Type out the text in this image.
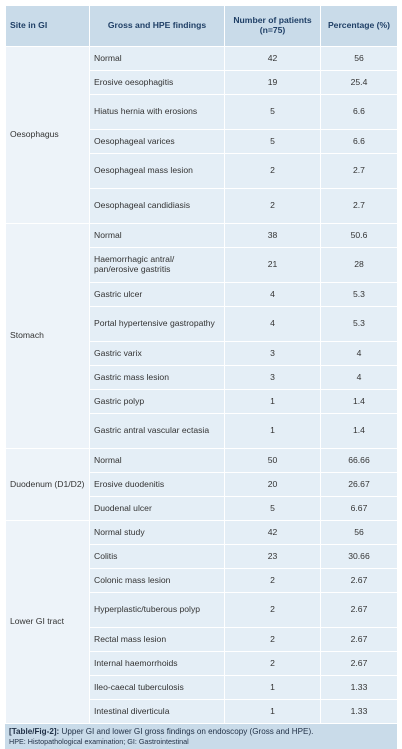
Site in GI	Gross and HPE findings	Number of patients (n=75)	Percentage (%)
Oesophagus	Normal	42	56
	Erosive oesophagitis	19	25.4
	Hiatus hernia with erosions	5	6.6
	Oesophageal varices	5	6.6
	Oesophageal mass lesion	2	2.7
	Oesophageal candidiasis	2	2.7
Stomach	Normal	38	50.6
	Haemorrhagic antral/ pan/erosive gastritis	21	28
	Gastric ulcer	4	5.3
	Portal hypertensive gastropathy	4	5.3
	Gastric varix	3	4
	Gastric mass lesion	3	4
	Gastric polyp	1	1.4
	Gastric antral vascular ectasia	1	1.4
Duodenum (D1/D2)	Normal	50	66.66
	Erosive duodenitis	20	26.67
	Duodenal ulcer	5	6.67
Lower GI tract	Normal study	42	56
	Colitis	23	30.66
	Colonic mass lesion	2	2.67
	Hyperplastic/tuberous polyp	2	2.67
	Rectal mass lesion	2	2.67
	Internal haemorrhoids	2	2.67
	Ileo-caecal tuberculosis	1	1.33
	Intestinal diverticula	1	1.33
[Table/Fig-2]: Upper GI and lower GI gross findings on endoscopy (Gross and HPE).
HPE: Histopathological examination; GI: Gastrointestinal
